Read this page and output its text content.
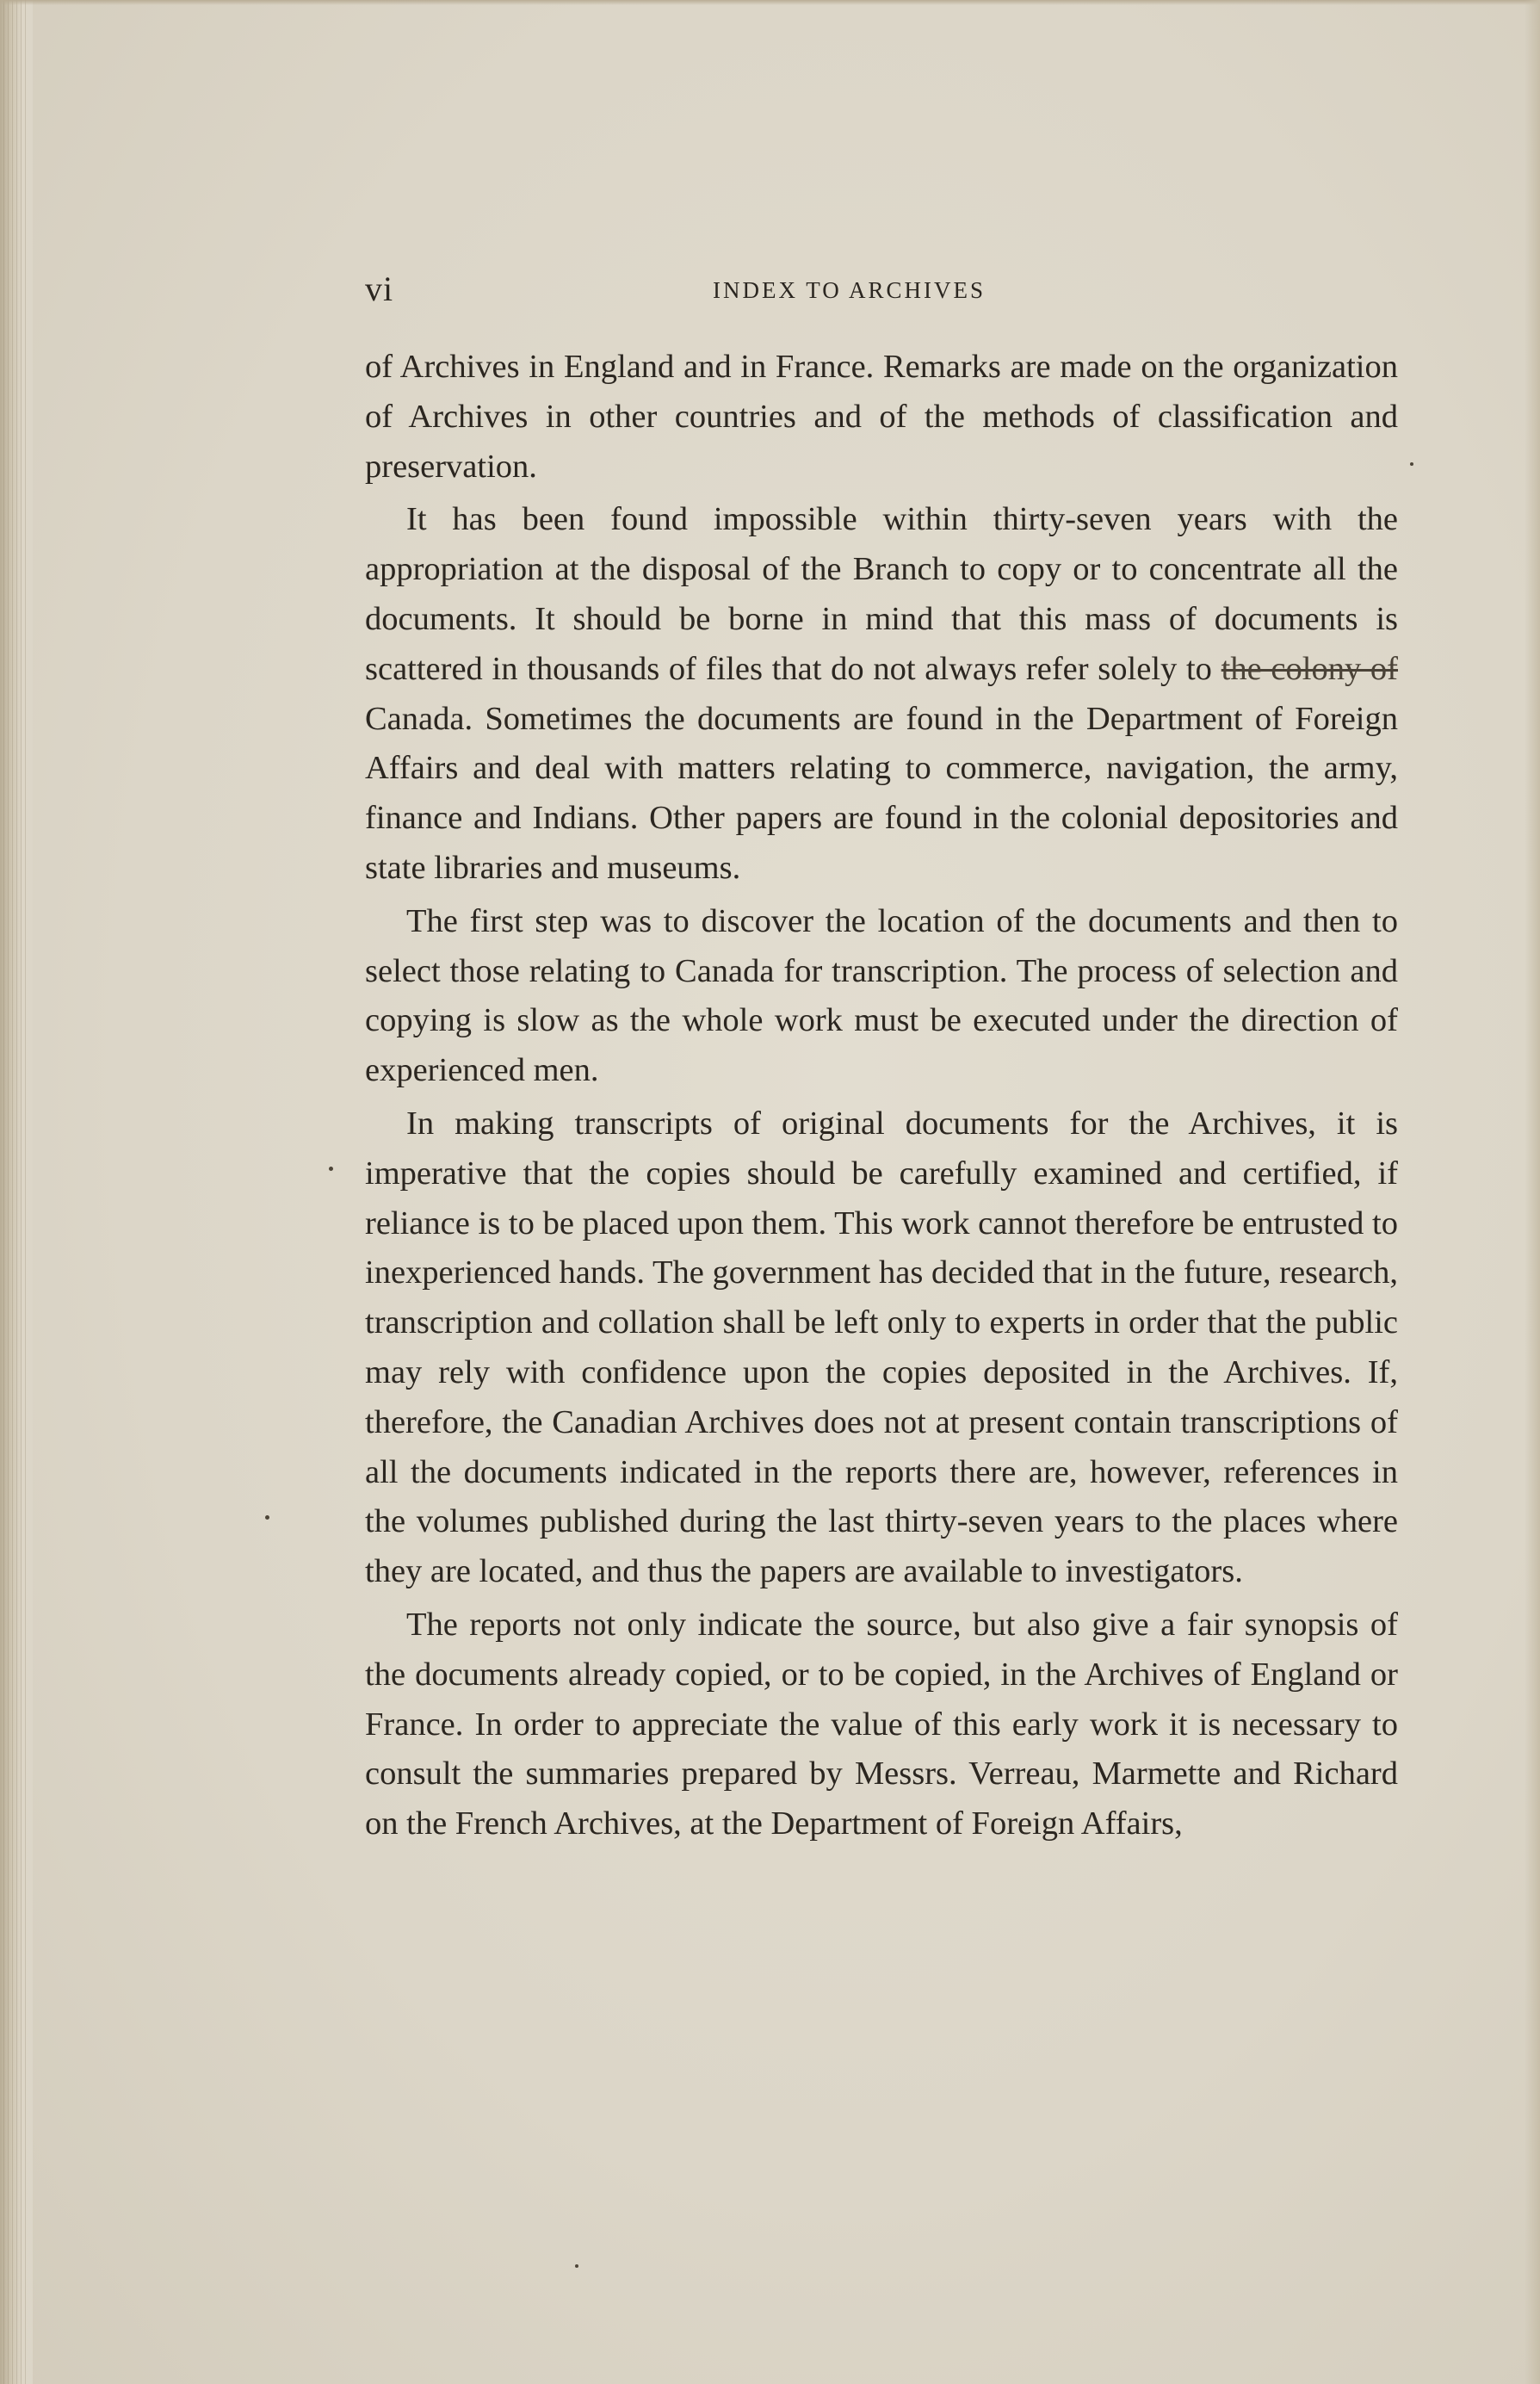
vi	INDEX TO ARCHIVES

of Archives in England and in France. Remarks are made on the organization of Archives in other countries and of the methods of classification and preservation.

It has been found impossible within thirty-seven years with the appropriation at the disposal of the Branch to copy or to concentrate all the documents. It should be borne in mind that this mass of documents is scattered in thousands of files that do not always refer solely to the colony of Canada. Sometimes the documents are found in the Department of Foreign Affairs and deal with matters relating to commerce, navigation, the army, finance and Indians. Other papers are found in the colonial depositories and state libraries and museums.

The first step was to discover the location of the documents and then to select those relating to Canada for transcription. The process of selection and copying is slow as the whole work must be executed under the direction of experienced men.

In making transcripts of original documents for the Archives, it is imperative that the copies should be carefully examined and certified, if reliance is to be placed upon them. This work cannot therefore be entrusted to inexperienced hands. The government has decided that in the future, research, transcription and collation shall be left only to experts in order that the public may rely with confidence upon the copies deposited in the Archives. If, therefore, the Canadian Archives does not at present contain transcriptions of all the documents indicated in the reports there are, however, references in the volumes published during the last thirty-seven years to the places where they are located, and thus the papers are available to investigators.

The reports not only indicate the source, but also give a fair synopsis of the documents already copied, or to be copied, in the Archives of England or France. In order to appreciate the value of this early work it is necessary to consult the summaries prepared by Messrs. Verreau, Marmette and Richard on the French Archives, at the Department of Foreign Affairs,
